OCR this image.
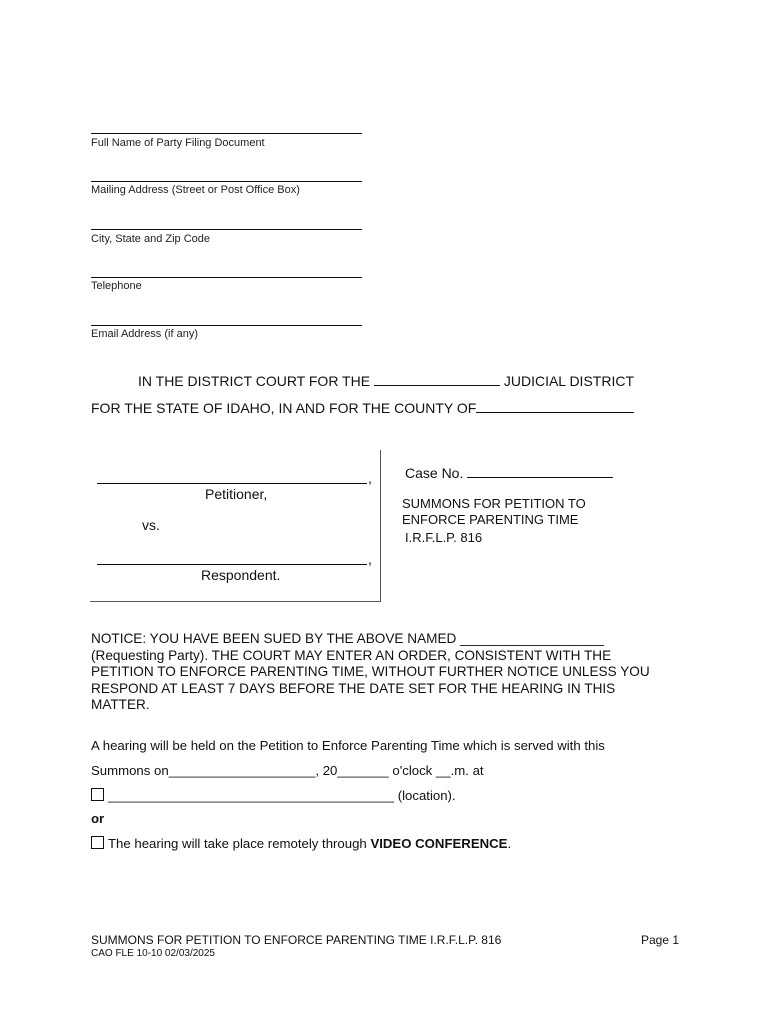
Full Name of Party Filing Document
Mailing Address (Street or Post Office Box)
City, State and Zip Code
Telephone
Email Address (if any)
IN THE DISTRICT COURT FOR THE	JUDICIAL DISTRICT
FOR THE STATE OF IDAHO, IN AND FOR THE COUNTY OF
,
Petitioner,
vs.
,
Respondent.
Case No.
SUMMONS FOR PETITION TO
ENFORCE PARENTING TIME
I.R.F.L.P. 816
NOTICE: YOU HAVE BEEN SUED BY THE ABOVE NAMED ___________________
(Requesting Party). THE COURT MAY ENTER AN ORDER, CONSISTENT WITH THE
PETITION TO ENFORCE PARENTING TIME, WITHOUT FURTHER NOTICE UNLESS YOU
RESPOND AT LEAST 7 DAYS BEFORE THE DATE SET FOR THE HEARING IN THIS
MATTER.
A hearing will be held on the Petition to Enforce Parenting Time which is served with this
Summons on____________________, 20_______ o'clock __.m. at
_______________________________________ (location).
or
The hearing will take place remotely through VIDEO CONFERENCE.
SUMMONS FOR PETITION TO ENFORCE PARENTING TIME I.R.F.L.P. 816
CAO FLE 10-10 02/03/2025
Page 1
